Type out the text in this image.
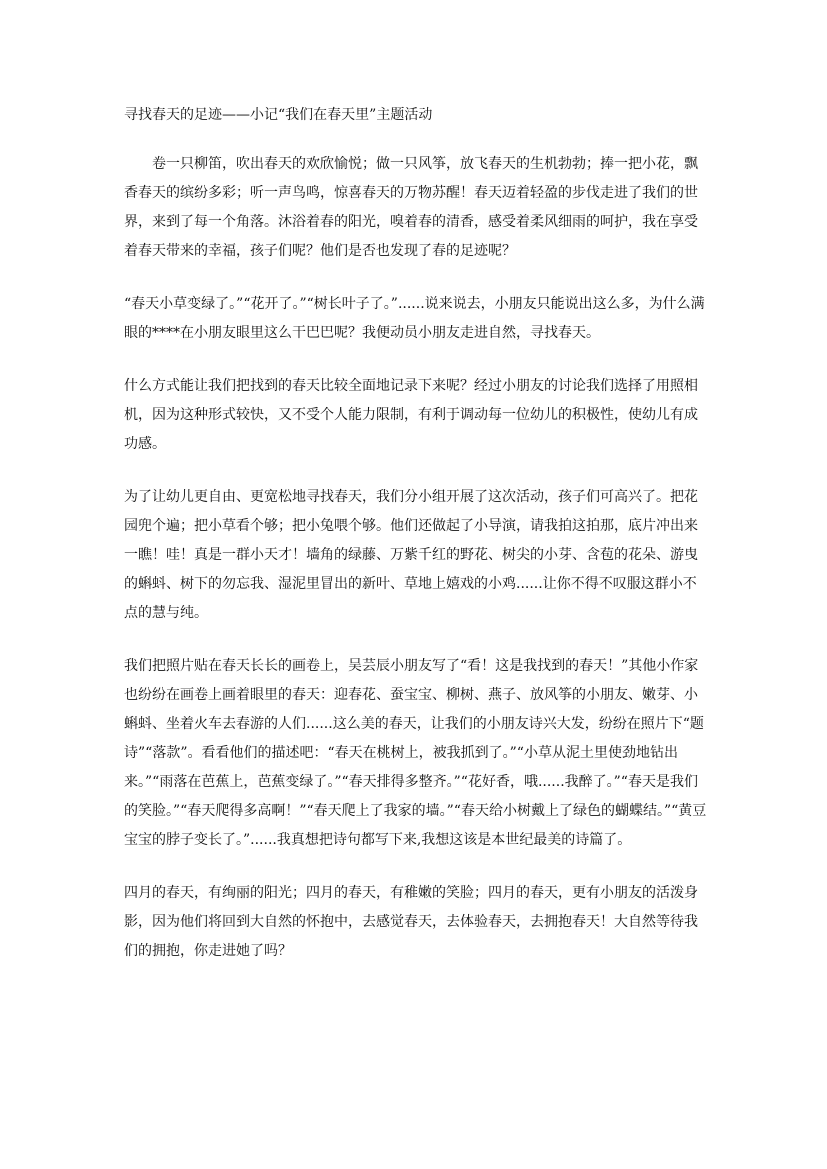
寻找春天的足迹——小记“我们在春天里”主题活动

卷一只柳笛，吹出春天的欢欣愉悦；做一只风筝，放飞春天的生机勃勃；捧一把小花，飘香春天的缤纷多彩；听一声鸟鸣，惊喜春天的万物苏醒！春天迈着轻盈的步伐走进了我们的世界，来到了每一个角落。沐浴着春的阳光，嗅着春的清香，感受着柔风细雨的呵护，我在享受着春天带来的幸福，孩子们呢？他们是否也发现了春的足迹呢？

“春天小草变绿了。”“花开了。”“树长叶子了。”......说来说去，小朋友只能说出这么多，为什么满眼的****在小朋友眼里这么干巴巴呢？我便动员小朋友走进自然，寻找春天。

什么方式能让我们把找到的春天比较全面地记录下来呢？经过小朋友的讨论我们选择了用照相机，因为这种形式较快，又不受个人能力限制，有利于调动每一位幼儿的积极性，使幼儿有成功感。

为了让幼儿更自由、更宽松地寻找春天，我们分小组开展了这次活动，孩子们可高兴了。把花园兜个遍；把小草看个够；把小兔喂个够。他们还做起了小导演，请我拍这拍那，底片冲出来一瞧！哇！真是一群小天才！墙角的绿藤、万紫千红的野花、树尖的小芽、含苞的花朵、游曳的蝌蚪、树下的勿忘我、湿泥里冒出的新叶、草地上嬉戏的小鸡......让你不得不叹服这群小不点的慧与纯。

我们把照片贴在春天长长的画卷上，吴芸辰小朋友写了“看！这是我找到的春天！”其他小作家也纷纷在画卷上画着眼里的春天：迎春花、蚕宝宝、柳树、燕子、放风筝的小朋友、嫩芽、小蝌蚪、坐着火车去春游的人们......这么美的春天，让我们的小朋友诗兴大发，纷纷在照片下“题诗”“落款”。看看他们的描述吧：“春天在桃树上，被我抓到了。”“小草从泥土里使劲地钻出来。”“雨落在芭蕉上，芭蕉变绿了。”“春天排得多整齐。”“花好香，哦......我醉了。”“春天是我们的笑脸。”“春天爬得多高啊！”“春天爬上了我家的墙。”“春天给小树戴上了绿色的蝴蝶结。”“黄豆宝宝的脖子变长了。”......我真想把诗句都写下来,我想这该是本世纪最美的诗篇了。

四月的春天，有绚丽的阳光；四月的春天，有稚嫩的笑脸；四月的春天，更有小朋友的活泼身影，因为他们将回到大自然的怀抱中，去感觉春天，去体验春天，去拥抱春天！大自然等待我们的拥抱，你走进她了吗？
